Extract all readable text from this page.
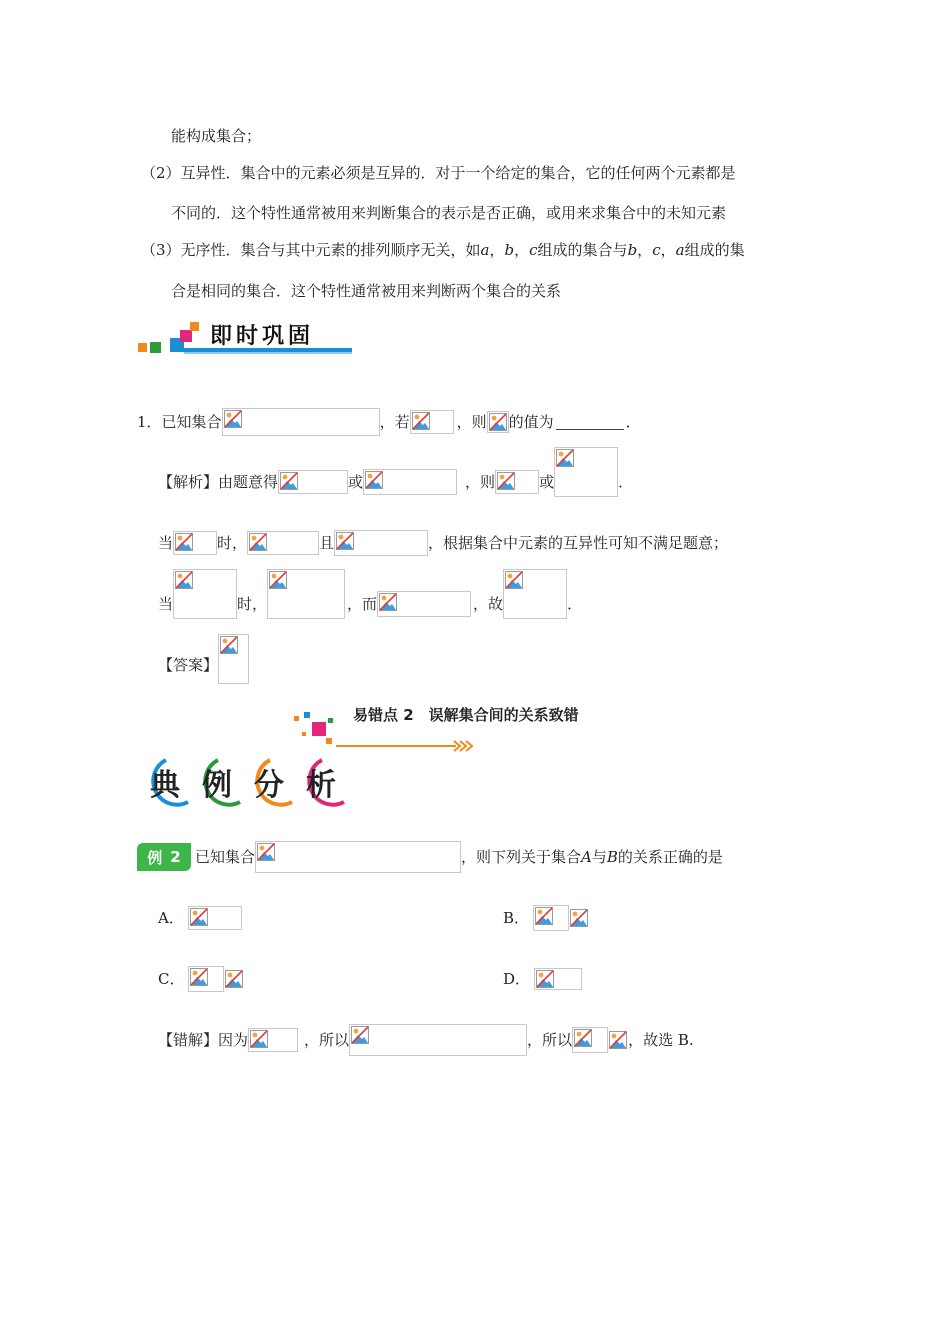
能构成集合；
（2）互异性．集合中的元素必须是互异的．对于一个给定的集合，它的任何两个元素都是
不同的．这个特性通常被用来判断集合的表示是否正确，或用来求集合中的未知元素
（3）无序性．集合与其中元素的排列顺序无关，如 a ， b ， c 组成的集合与 b ， c ， a 组成的集
合是相同的集合．这个特性通常被用来判断两个集合的关系
即时巩固
1． 已知集合	，若	，则 的值为	．
【解析】 由题意得	或	，则	或	．
当	时，	且	，根据集合中元素的互异性可知不满足题意；
当	时，	，而	，故	．
【答案】
易错点 2　误解集合间的关系致错
典 例 分 析
例 2 已知集合	，则下列关于集合 A 与 B 的关系正确的是
A．	B．
C．	D．
【错解】 因为	，所以	，所以	，故选 B.
